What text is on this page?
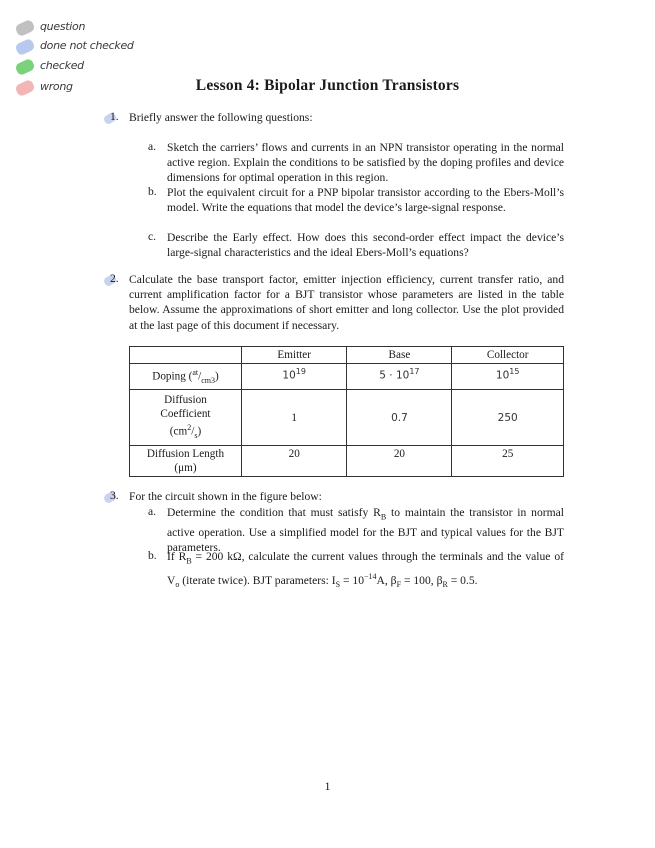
question
done not checked
checked
wrong	Lesson 4: Bipolar Junction Transistors
1. Briefly answer the following questions:
a. Sketch the carriers’ flows and currents in an NPN transistor operating in the normal active region. Explain the conditions to be satisfied by the doping profiles and device dimensions for optimal operation in this region.
b. Plot the equivalent circuit for a PNP bipolar transistor according to the Ebers-Moll’s model. Write the equations that model the device’s large-signal response.
c. Describe the Early effect. How does this second-order effect impact the device’s large-signal characteristics and the ideal Ebers-Moll’s equations?
2. Calculate the base transport factor, emitter injection efficiency, current transfer ratio, and current amplification factor for a BJT transistor whose parameters are listed in the table below. Assume the approximations of short emitter and long collector. Use the plot provided at the last page of this document if necessary.
	Emitter	Base	Collector
Doping $(^{at}/_{cm3})$	$10^{19}$	$5 \cdot 10^{17}$	$10^{15}$

Diffusion
Coefficient
$(cm^2/_s)$	1	0.7	250

Diffusion Length
(μm)	20	20	25
3. For the circuit shown in the figure below:
a. Determine the condition that must satisfy $R_B$ to maintain the transistor in normal active operation. Use a simplified model for the BJT and typical values for the BJT parameters.
b. If $R_B = 200$ kΩ, calculate the current values through the terminals and the value of $V_o$ (iterate twice). BJT parameters: $I_S = 10^{-14}A$, $\beta_F = 100$, $\beta_R = 0.5$.
1
